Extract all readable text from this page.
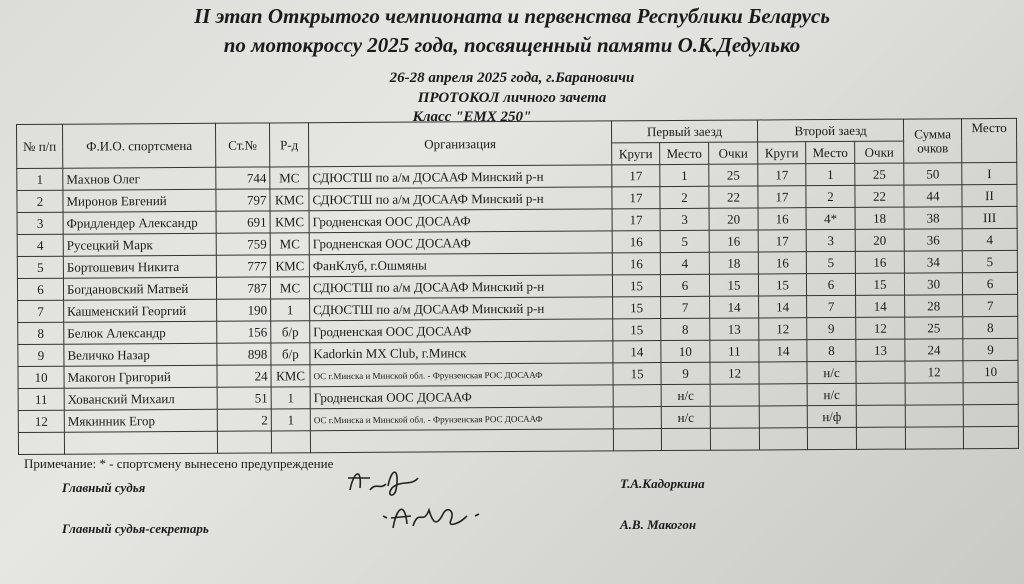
II этап Открытого чемпионата и первенства Республики Беларусь
по мотокроссу 2025 года, посвященный памяти О.К.Дедулько
26-28 апреля 2025 года, г.Барановичи
ПРОТОКОЛ личного зачета
Класс "EMX 250"
№ п/п	Ф.И.О. спортсмена	Ст.№	Р-д	Организация	Первый заезд			Второй заезд			Сумма очков	Место
					Круги	Место	Очки	Круги	Место	Очки		
1	Махнов Олег	744	МС	СДЮСТШ по а/м ДОСААФ Минский р-н	17	1	25	17	1	25	50	I
2	Миронов Евгений	797	КМС	СДЮСТШ по а/м ДОСААФ Минский р-н	17	2	22	17	2	22	44	II
3	Фридлендер Александр	691	КМС	Гродненская ООС ДОСААФ	17	3	20	16	4*	18	38	III
4	Русецкий Марк	759	МС	Гродненская ООС ДОСААФ	16	5	16	17	3	20	36	4
5	Бортошевич Никита	777	КМС	ФанКлуб, г.Ошмяны	16	4	18	16	5	16	34	5
6	Богдановский Матвей	787	МС	СДЮСТШ по а/м ДОСААФ Минский р-н	15	6	15	15	6	15	30	6
7	Кашменский Георгий	190	1	СДЮСТШ по а/м ДОСААФ Минский р-н	15	7	14	14	7	14	28	7
8	Белюк Александр	156	б/р	Гродненская ООС ДОСААФ	15	8	13	12	9	12	25	8
9	Величко Назар	898	б/р	Kadorkin MX Club, г.Минск	14	10	11	14	8	13	24	9
10	Макогон Григорий	24	КМС	ОС г.Минска и Минской обл. - Фрунзенская РОС ДОСААФ	15	9	12		н/с		12	10
11	Хованский Михаил	51	1	Гродненская ООС ДОСААФ		н/с			н/с			
12	Мякинник Егор	2	1	ОС г.Минска и Минской обл. - Фрунзенская РОС ДОСААФ		н/с			н/ф			

Примечание: * - спортсмену вынесено предупреждение
Главный судья	Т.А.Кадоркина
Главный судья-секретарь	А.В. Макогон
